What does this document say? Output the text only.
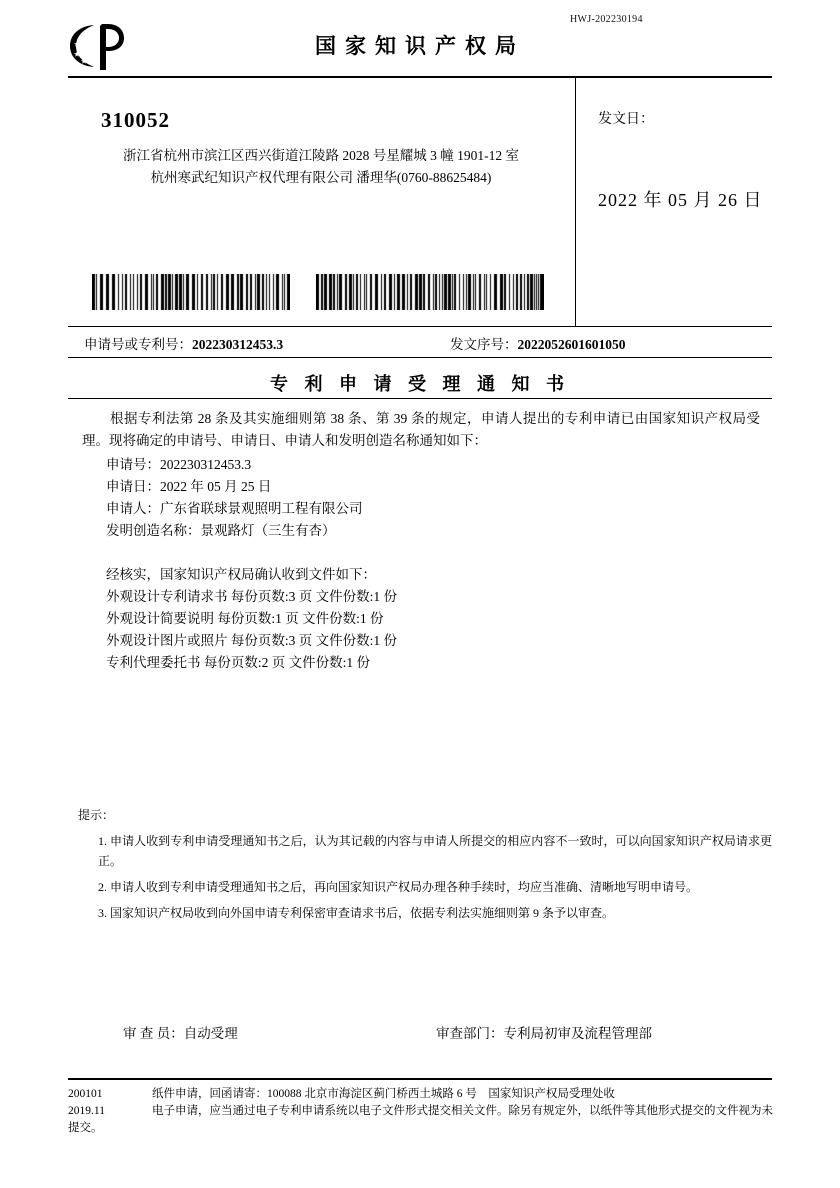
HWJ-202230194
国家知识产权局
310052
浙江省杭州市滨江区西兴街道江陵路 2028 号星耀城 3 幢 1901-12 室
杭州寒武纪知识产权代理有限公司 潘理华(0760-88625484)
发文日：
2022 年 05 月 26 日
申请号或专利号：202230312453.3	发文序号：2022052601601050
专 利 申 请 受 理 通 知 书
根据专利法第 28 条及其实施细则第 38 条、第 39 条的规定，申请人提出的专利申请已由国家知识产权局受理。现将确定的申请号、申请日、申请人和发明创造名称通知如下：
申请号：202230312453.3
申请日：2022 年 05 月 25 日
申请人：广东省联球景观照明工程有限公司
发明创造名称：景观路灯（三生有杏）
经核实，国家知识产权局确认收到文件如下：
外观设计专利请求书 每份页数:3 页 文件份数:1 份
外观设计简要说明 每份页数:1 页 文件份数:1 份
外观设计图片或照片 每份页数:3 页 文件份数:1 份
专利代理委托书 每份页数:2 页 文件份数:1 份
提示：
1. 申请人收到专利申请受理通知书之后，认为其记载的内容与申请人所提交的相应内容不一致时，可以向国家知识产权局请求更正。
2. 申请人收到专利申请受理通知书之后，再向国家知识产权局办理各种手续时，均应当准确、清晰地写明申请号。
3. 国家知识产权局收到向外国申请专利保密审查请求书后，依据专利法实施细则第 9 条予以审查。
审 查 员：自动受理	审查部门：专利局初审及流程管理部
200101	纸件申请，回函请寄：100088 北京市海淀区蓟门桥西土城路 6 号　国家知识产权局受理处收
2019.11	电子申请，应当通过电子专利申请系统以电子文件形式提交相关文件。除另有规定外，以纸件等其他形式提交的文件视为未提交。
